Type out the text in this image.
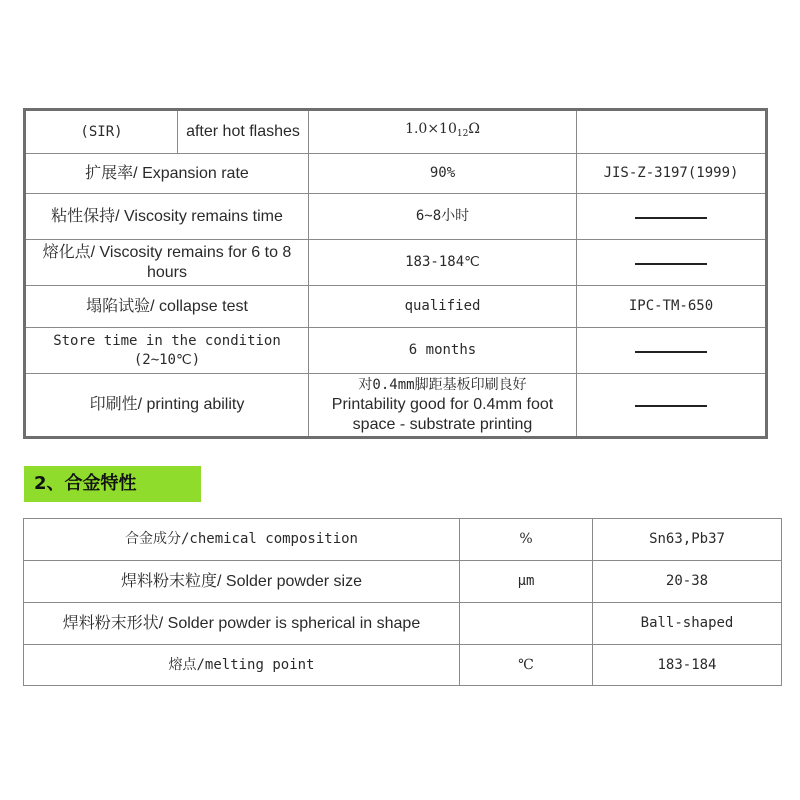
(SIR)	after hot flashes	$1.0\times 10_{12}\Omega$	
扩展率/ Expansion rate		90%	JIS-Z-3197(1999)
粘性保持/ Viscosity remains time		6~8小时	
熔化点/ Viscosity remains for 6 to 8 hours		183-184℃	
塌陷试验/ collapse test		qualified	IPC-TM-650
Store time in the condition (2~10℃)		6 months	
印刷性/ printing ability		对0.4mm脚距基板印刷良好
Printability good for 0.4mm foot space - substrate printing	

2、合金特性
合金成分/chemical composition	%	Sn63,Pb37
焊料粉末粒度/ Solder powder size	μm	20-38
焊料粉末形状/ Solder powder is spherical in shape		Ball-shaped
熔点/melting point	℃	183-184
